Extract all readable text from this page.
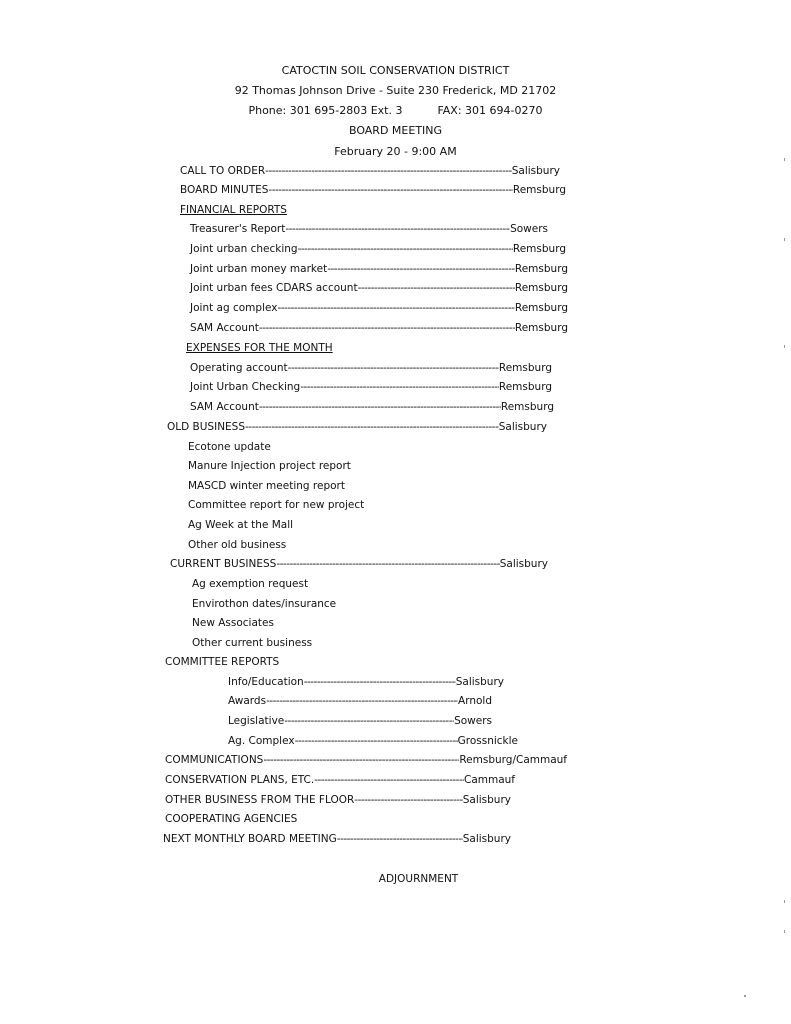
CATOCTIN SOIL CONSERVATION DISTRICT
92 Thomas Johnson Drive - Suite 230 Frederick, MD 21702
Phone: 301 695-2803 Ext. 3	FAX: 301 694-0270
BOARD MEETING
February 20 - 9:00 AM
CALL TO ORDER -----	Salisbury
BOARD MINUTES -----	Remsburg
FINANCIAL REPORTS
Treasurer's Report -----	Sowers
Joint urban checking -----	Remsburg
Joint urban money market -----	Remsburg
Joint urban fees CDARS account -----	Remsburg
Joint ag complex -----	Remsburg
SAM Account -----	Remsburg
EXPENSES FOR THE MONTH
Operating account -----	Remsburg
Joint Urban Checking -----	Remsburg
SAM Account -----	Remsburg
OLD BUSINESS -----	Salisbury
Ecotone update
Manure Injection project report
MASCD winter meeting report
Committee report for new project
Ag Week at the Mall
Other old business
CURRENT BUSINESS -----	Salisbury
Ag exemption request
Envirothon dates/insurance
New Associates
Other current business
COMMITTEE REPORTS
Info/Education -----	Salisbury
Awards -----	Arnold
Legislative -----	Sowers
Ag. Complex -----	Grossnickle
COMMUNICATIONS -----	Remsburg/Cammauf
CONSERVATION PLANS, ETC. -----	Cammauf
OTHER BUSINESS FROM THE FLOOR -----	Salisbury
COOPERATING AGENCIES
NEXT MONTHLY BOARD MEETING -----	Salisbury
ADJOURNMENT
